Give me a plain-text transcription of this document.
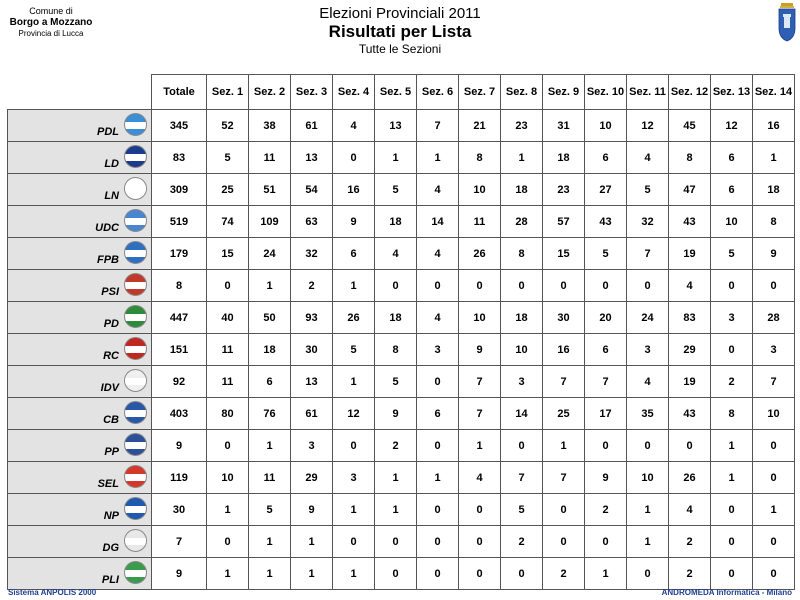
Comune di
Borgo a Mozzano
Provincia di Lucca
Elezioni Provinciali 2011
Risultati per Lista
Tutte le Sezioni
	Totale	Sez. 1	Sez. 2	Sez. 3	Sez. 4	Sez. 5	Sez. 6	Sez. 7	Sez. 8	Sez. 9	Sez. 10	Sez. 11	Sez. 12	Sez. 13	Sez. 14

PDL	345	52	38	61	4	13	7	21	23	31	10	12	45	12	16

LD	83	5	11	13	0	1	1	8	1	18	6	4	8	6	1

LN	309	25	51	54	16	5	4	10	18	23	27	5	47	6	18

UDC	519	74	109	63	9	18	14	11	28	57	43	32	43	10	8

FPB	179	15	24	32	6	4	4	26	8	15	5	7	19	5	9

PSI	8	0	1	2	1	0	0	0	0	0	0	0	4	0	0

PD	447	40	50	93	26	18	4	10	18	30	20	24	83	3	28

RC	151	11	18	30	5	8	3	9	10	16	6	3	29	0	3

IDV	92	11	6	13	1	5	0	7	3	7	7	4	19	2	7

CB	403	80	76	61	12	9	6	7	14	25	17	35	43	8	10

PP	9	0	1	3	0	2	0	1	0	1	0	0	0	1	0

SEL	119	10	11	29	3	1	1	4	7	7	9	10	26	1	0

NP	30	1	5	9	1	1	0	0	5	0	2	1	4	0	1

DG	7	0	1	1	0	0	0	0	2	0	0	1	2	0	0

PLI	9	1	1	1	1	0	0	0	0	2	1	0	2	0	0
Sistema ANPOLIS 2000	ANDROMEDA Informatica - Milano
